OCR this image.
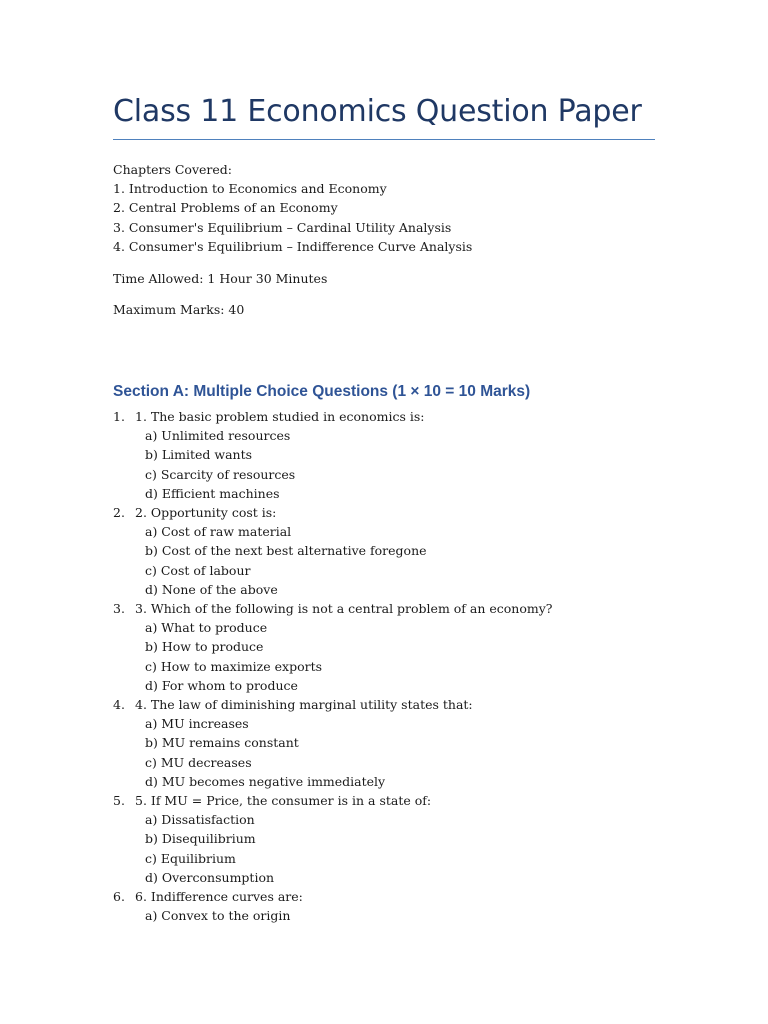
Class 11 Economics Question Paper
Chapters Covered:
1. Introduction to Economics and Economy
2. Central Problems of an Economy
3. Consumer's Equilibrium – Cardinal Utility Analysis
4. Consumer's Equilibrium – Indifference Curve Analysis
Time Allowed: 1 Hour 30 Minutes
Maximum Marks: 40
Section A: Multiple Choice Questions (1 × 10 = 10 Marks)
1. 1. The basic problem studied in economics is:
a) Unlimited resources
b) Limited wants
c) Scarcity of resources
d) Efficient machines
2. 2. Opportunity cost is:
a) Cost of raw material
b) Cost of the next best alternative foregone
c) Cost of labour
d) None of the above
3. 3. Which of the following is not a central problem of an economy?
a) What to produce
b) How to produce
c) How to maximize exports
d) For whom to produce
4. 4. The law of diminishing marginal utility states that:
a) MU increases
b) MU remains constant
c) MU decreases
d) MU becomes negative immediately
5. 5. If MU = Price, the consumer is in a state of:
a) Dissatisfaction
b) Disequilibrium
c) Equilibrium
d) Overconsumption
6. 6. Indifference curves are:
a) Convex to the origin
